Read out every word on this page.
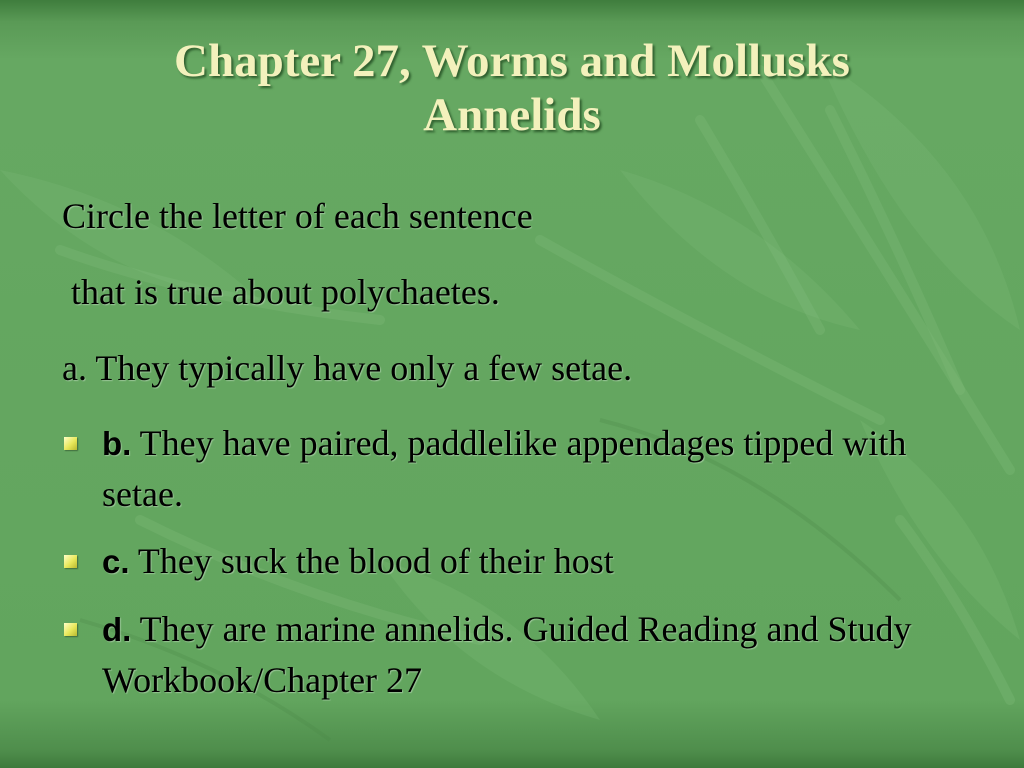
Chapter 27, Worms and Mollusks
Annelids
Circle the letter of each sentence
that is true about polychaetes.
a. They typically have only a few setae.
b. They have paired, paddlelike appendages tipped with setae.
c. They suck the blood of their host
d. They are marine annelids. Guided Reading and Study Workbook/Chapter 27
